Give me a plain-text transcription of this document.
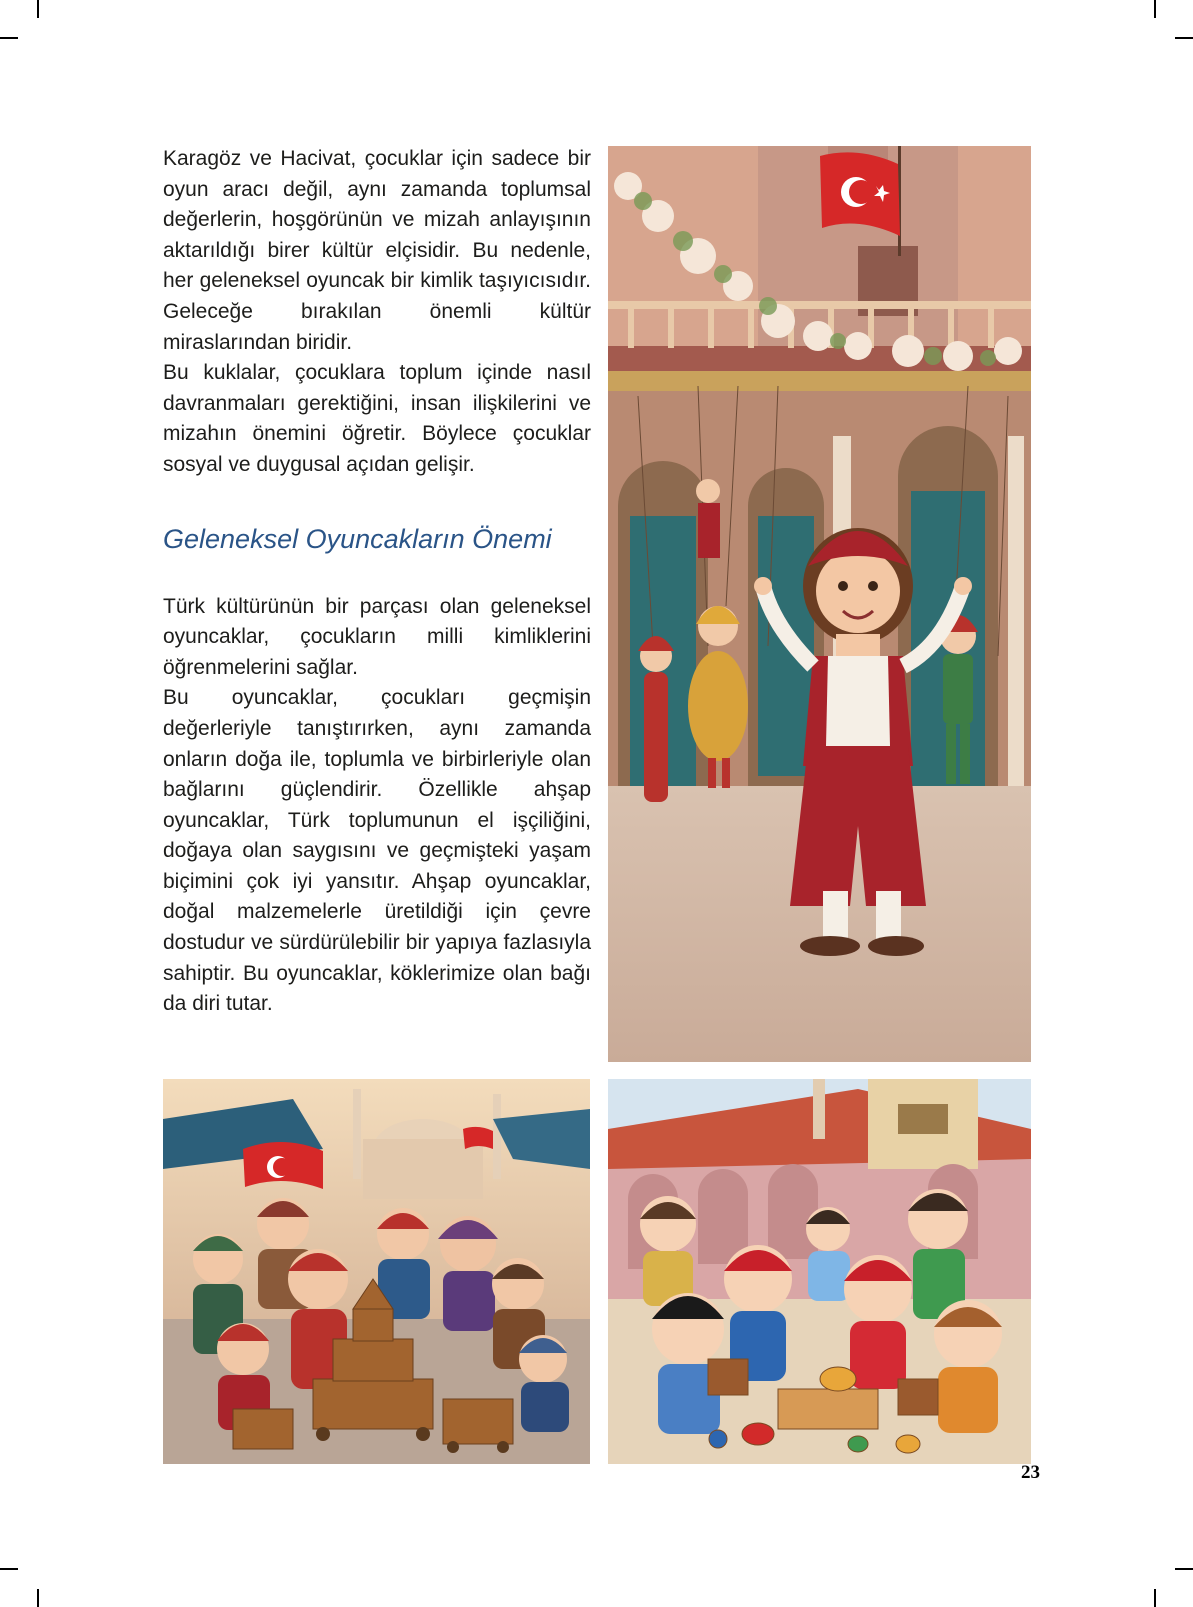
Karagöz ve Hacivat, çocuklar için sadece bir oyun aracı değil, aynı zamanda toplumsal değerlerin, hoşgörünün ve mizah anlayışının aktarıldığı birer kültür elçisidir. Bu nedenle, her geleneksel oyuncak bir kimlik taşıyıcısıdır. Geleceğe bırakılan önemli kültür miraslarından biridir.

Bu kuklalar, çocuklara toplum içinde nasıl davranmaları gerektiğini, insan ilişkilerini ve mizahın önemini öğretir. Böylece çocuklar sosyal ve duygusal açıdan gelişir.

Geleneksel Oyuncakların Önemi

Türk kültürünün bir parçası olan geleneksel oyuncaklar, çocukların milli kimliklerini öğrenmelerini sağlar.

Bu oyuncaklar, çocukları geçmişin değerleriyle tanıştırırken, aynı zamanda onların doğa ile, toplumla ve birbirleriyle olan bağlarını güçlendirir. Özellikle ahşap oyuncaklar, Türk toplumunun el işçiliğini, doğaya olan saygısını ve geçmişteki yaşam biçimini çok iyi yansıtır. Ahşap oyuncaklar, doğal malzemelerle üretildiği için çevre dostudur ve sürdürülebilir bir yapıya fazlasıyla sahiptir. Bu oyuncaklar, köklerimize olan bağı da diri tutar.

23
